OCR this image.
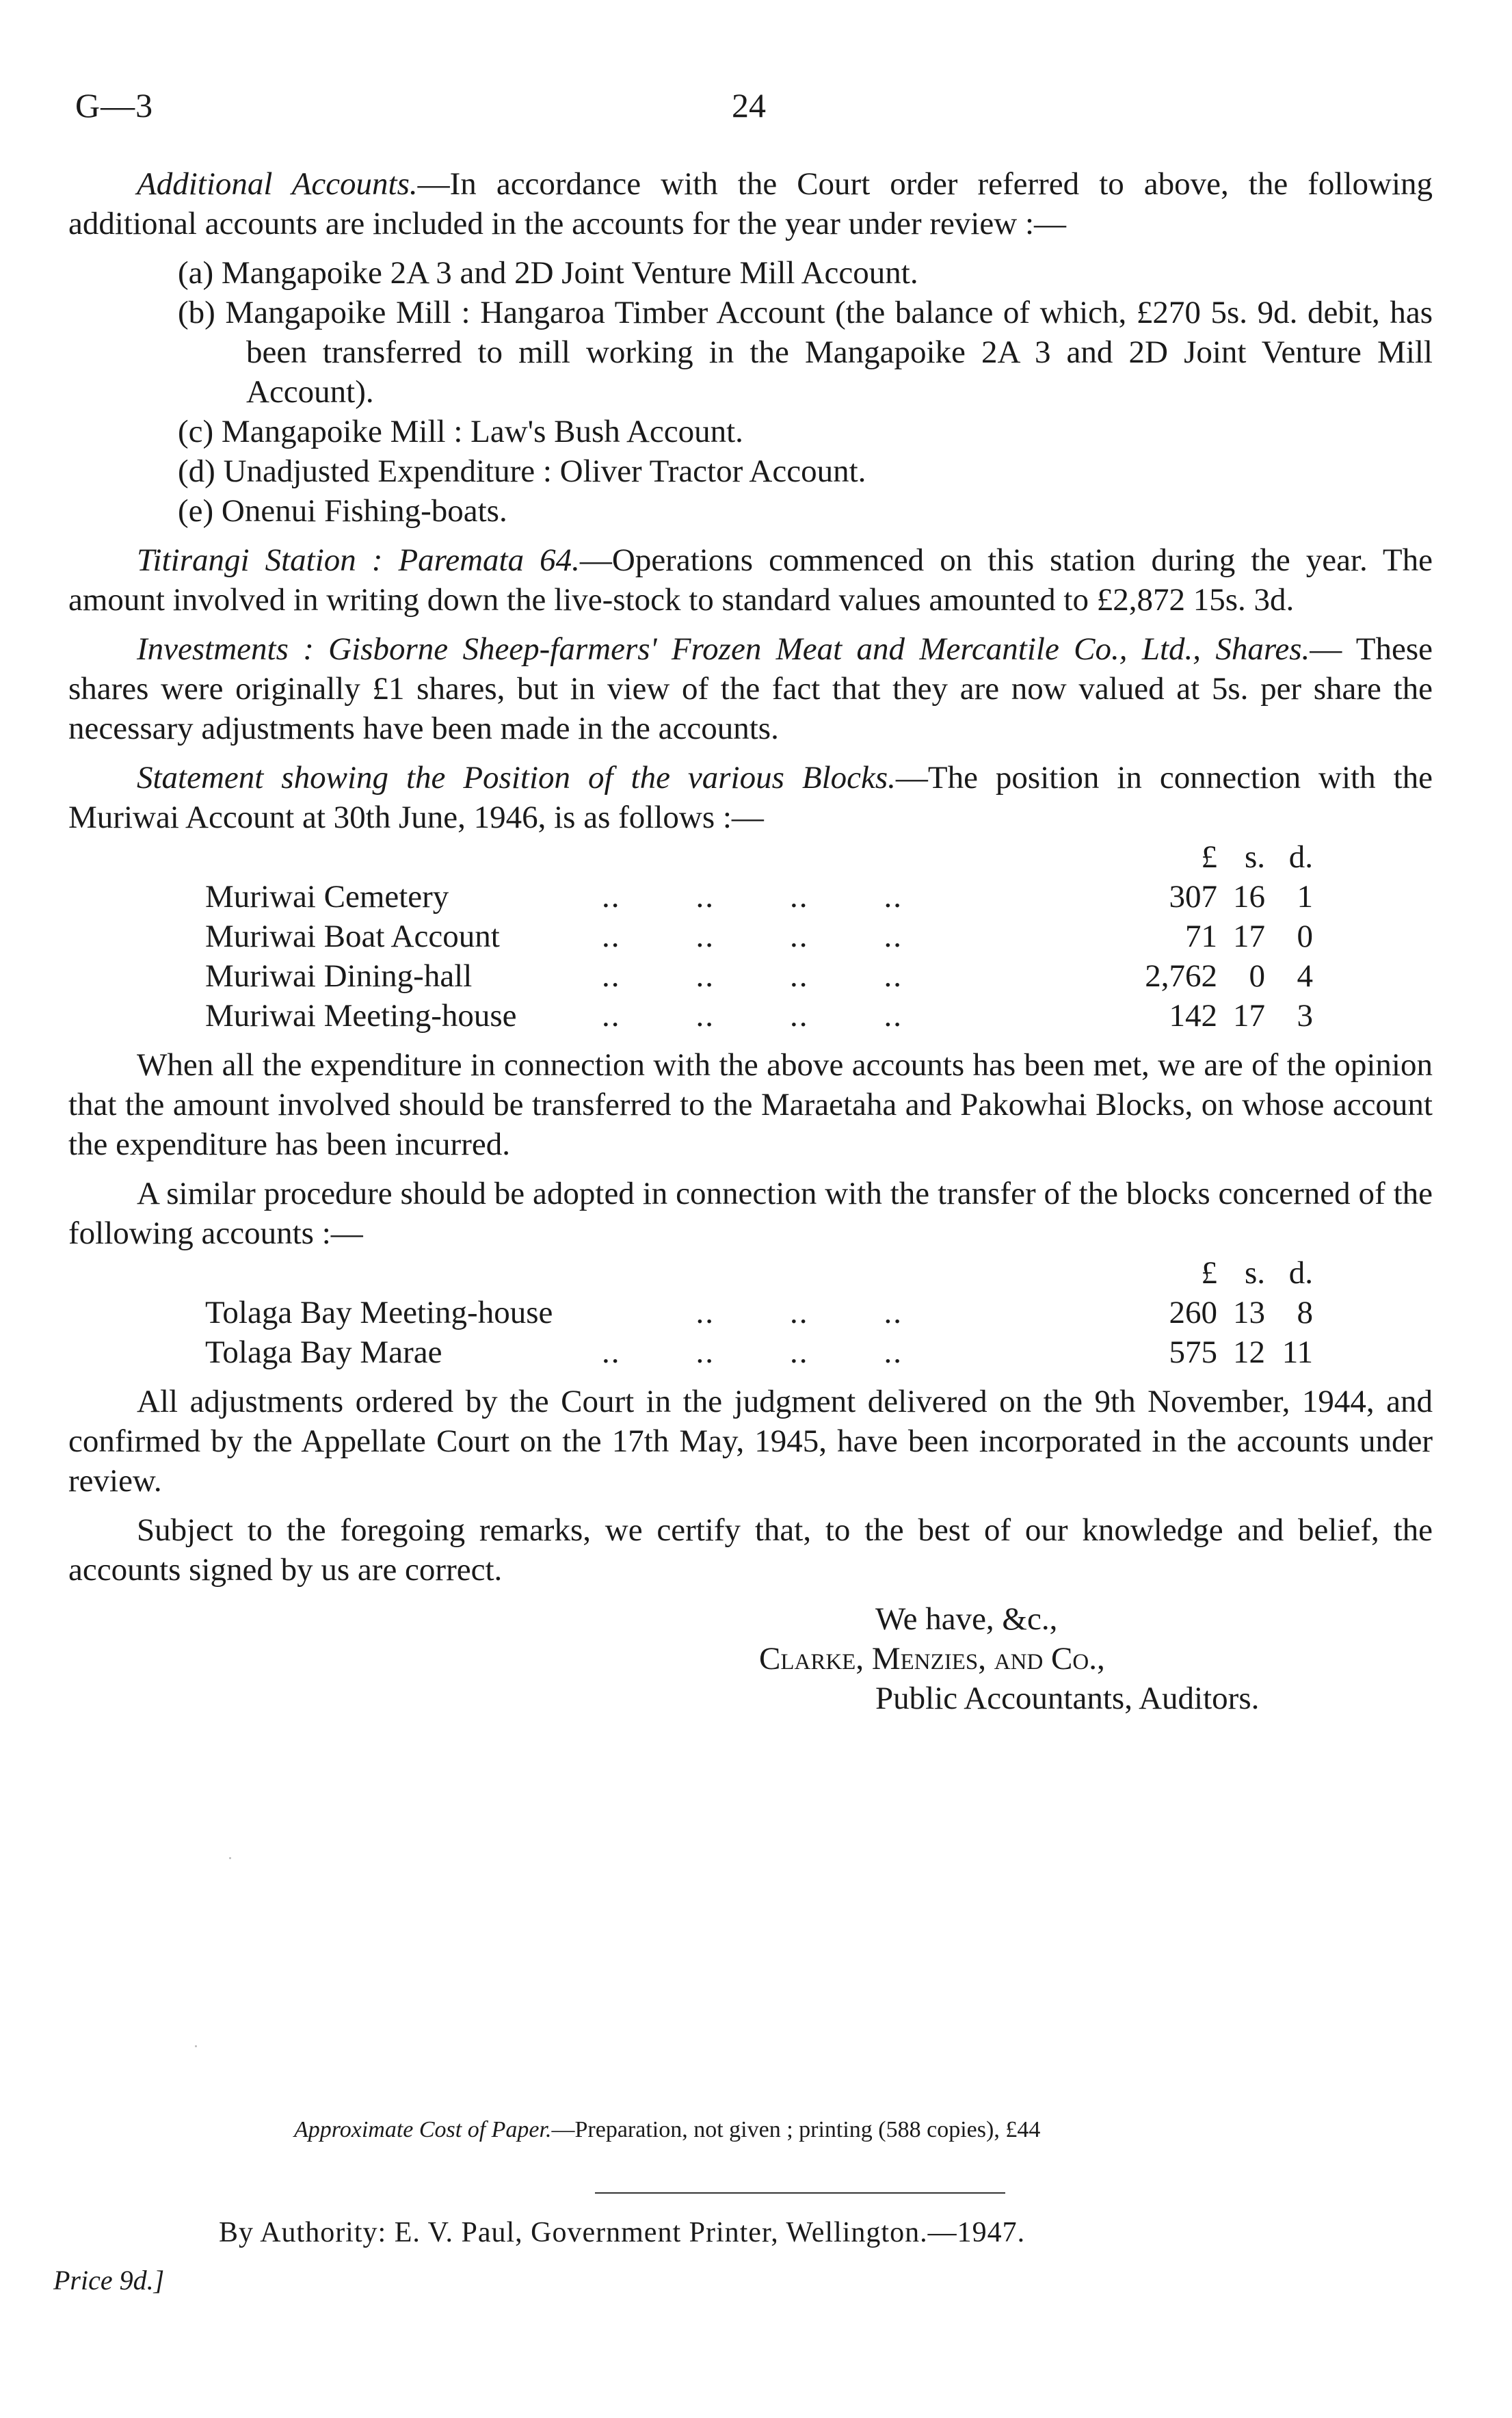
G—3	24

Additional Accounts.—In accordance with the Court order referred to above, the following additional accounts are included in the accounts for the year under review :—

(a) Mangapoike 2A 3 and 2D Joint Venture Mill Account.

(b) Mangapoike Mill : Hangaroa Timber Account (the balance of which, £270 5s. 9d. debit, has been transferred to mill working in the Mangapoike 2A 3 and 2D Joint Venture Mill Account).

(c) Mangapoike Mill : Law's Bush Account.

(d) Unadjusted Expenditure : Oliver Tractor Account.

(e) Onenui Fishing-boats.

Titirangi Station : Paremata 64.—Operations commenced on this station during the year. The amount involved in writing down the live-stock to standard values amounted to £2,872 15s. 3d.

Investments : Gisborne Sheep-farmers' Frozen Meat and Mercantile Co., Ltd., Shares.— These shares were originally £1 shares, but in view of the fact that they are now valued at 5s. per share the necessary adjustments have been made in the accounts.

Statement showing the Position of the various Blocks.—The position in connection with the Muriwai Account at 30th June, 1946, is as follows :—

£ s. d.
Muriwai Cemetery	..        ..        ..        ..	307 16 1
Muriwai Boat Account	..        ..        ..        ..	71 17 0
Muriwai Dining-hall	..        ..        ..        ..	2,762 0 4
Muriwai Meeting-house	..        ..        ..        ..	142 17 3

When all the expenditure in connection with the above accounts has been met, we are of the opinion that the amount involved should be transferred to the Maraetaha and Pakowhai Blocks, on whose account the expenditure has been incurred.

A similar procedure should be adopted in connection with the transfer of the blocks concerned of the following accounts :—

£ s. d.
Tolaga Bay Meeting-house	..        ..        ..	260 13 8
Tolaga Bay Marae	..        ..        ..        ..	575 12 11

All adjustments ordered by the Court in the judgment delivered on the 9th November, 1944, and confirmed by the Appellate Court on the 17th May, 1945, have been incorporated in the accounts under review.

Subject to the foregoing remarks, we certify that, to the best of our knowledge and belief, the accounts signed by us are correct.

We have, &c.,

Clarke, Menzies, and Co.,

Public Accountants, Auditors.

Approximate Cost of Paper.—Preparation, not given ; printing (588 copies), £44
By Authority: E. V. Paul, Government Printer, Wellington.—1947.
Price 9d.]
